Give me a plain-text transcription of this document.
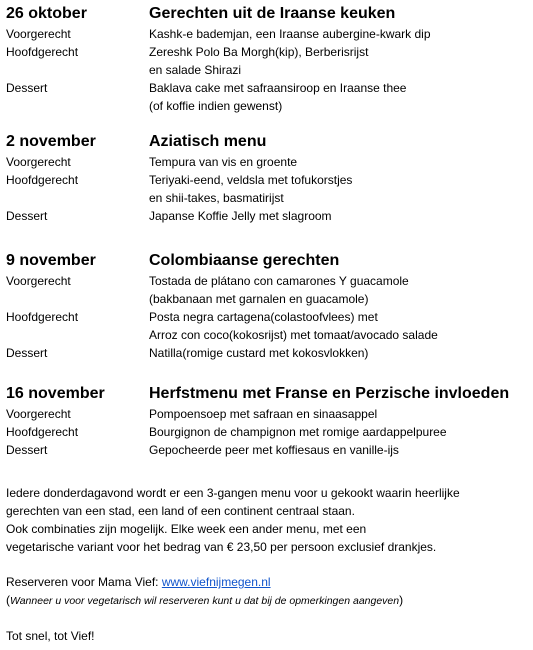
26 oktober	Gerechten uit de Iraanse keuken
Voorgerecht	Kashk-e bademjan, een Iraanse aubergine-kwark dip
Hoofdgerecht	Zereshk Polo Ba Morgh(kip), Berberisrijst
en salade Shirazi
Dessert	Baklava cake met safraansiroop en Iraanse thee
(of koffie indien gewenst)
2 november	Aziatisch menu
Voorgerecht	Tempura van vis en groente
Hoofdgerecht	Teriyaki-eend, veldsla met tofukorstjes
en shii-takes, basmatirijst
Dessert	Japanse Koffie Jelly met slagroom
9 november	Colombiaanse gerechten
Voorgerecht	Tostada de plátano con camarones Y guacamole
(bakbanaan met garnalen en guacamole)
Hoofdgerecht	Posta negra cartagena(colastoofvlees) met
Arroz con coco(kokosrijst) met tomaat/avocado salade
Dessert	Natilla(romige custard met kokosvlokken)
16 november	Herfstmenu met Franse en Perzische invloeden
Voorgerecht	Pompoensoep met safraan en sinaasappel
Hoofdgerecht	Bourgignon de champignon met romige aardappelpuree
Dessert	Gepocheerde peer met koffiesaus en vanille-ijs
Iedere donderdagavond wordt er een 3-gangen menu voor u gekookt waarin heerlijke
gerechten van een stad, een land of een continent centraal staan.
Ook combinaties zijn mogelijk. Elke week een ander menu, met een
vegetarische variant voor het bedrag van € 23,50 per persoon exclusief drankjes.
Reserveren voor Mama Vief: www.viefnijmegen.nl
(Wanneer u voor vegetarisch wil reserveren kunt u dat bij de opmerkingen aangeven)
Tot snel, tot Vief!
